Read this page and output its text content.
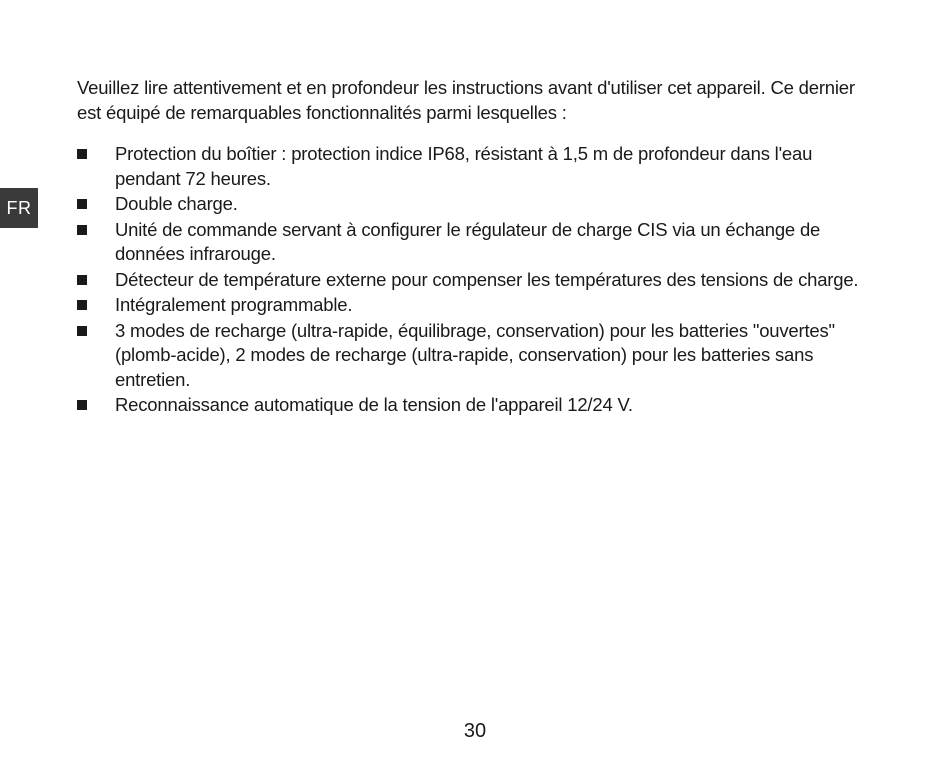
FR

Veuillez lire attentivement et en profondeur les instructions avant d'utiliser cet appareil. Ce dernier est équipé de remarquables fonctionnalités parmi lesquelles :

Protection du boîtier : protection indice IP68, résistant à 1,5 m de profondeur dans l'eau pendant 72 heures.
Double charge.
Unité de commande servant à configurer le régulateur de charge CIS via un échange de données infrarouge.
Détecteur de température externe pour compenser les températures des tensions de charge.
Intégralement programmable.
3 modes de recharge (ultra-rapide, équilibrage, conservation) pour les batteries "ouvertes" (plomb-acide), 2 modes de recharge (ultra-rapide, conservation) pour les batteries sans entretien.
Reconnaissance automatique de la tension de l'appareil 12/24 V.
30
